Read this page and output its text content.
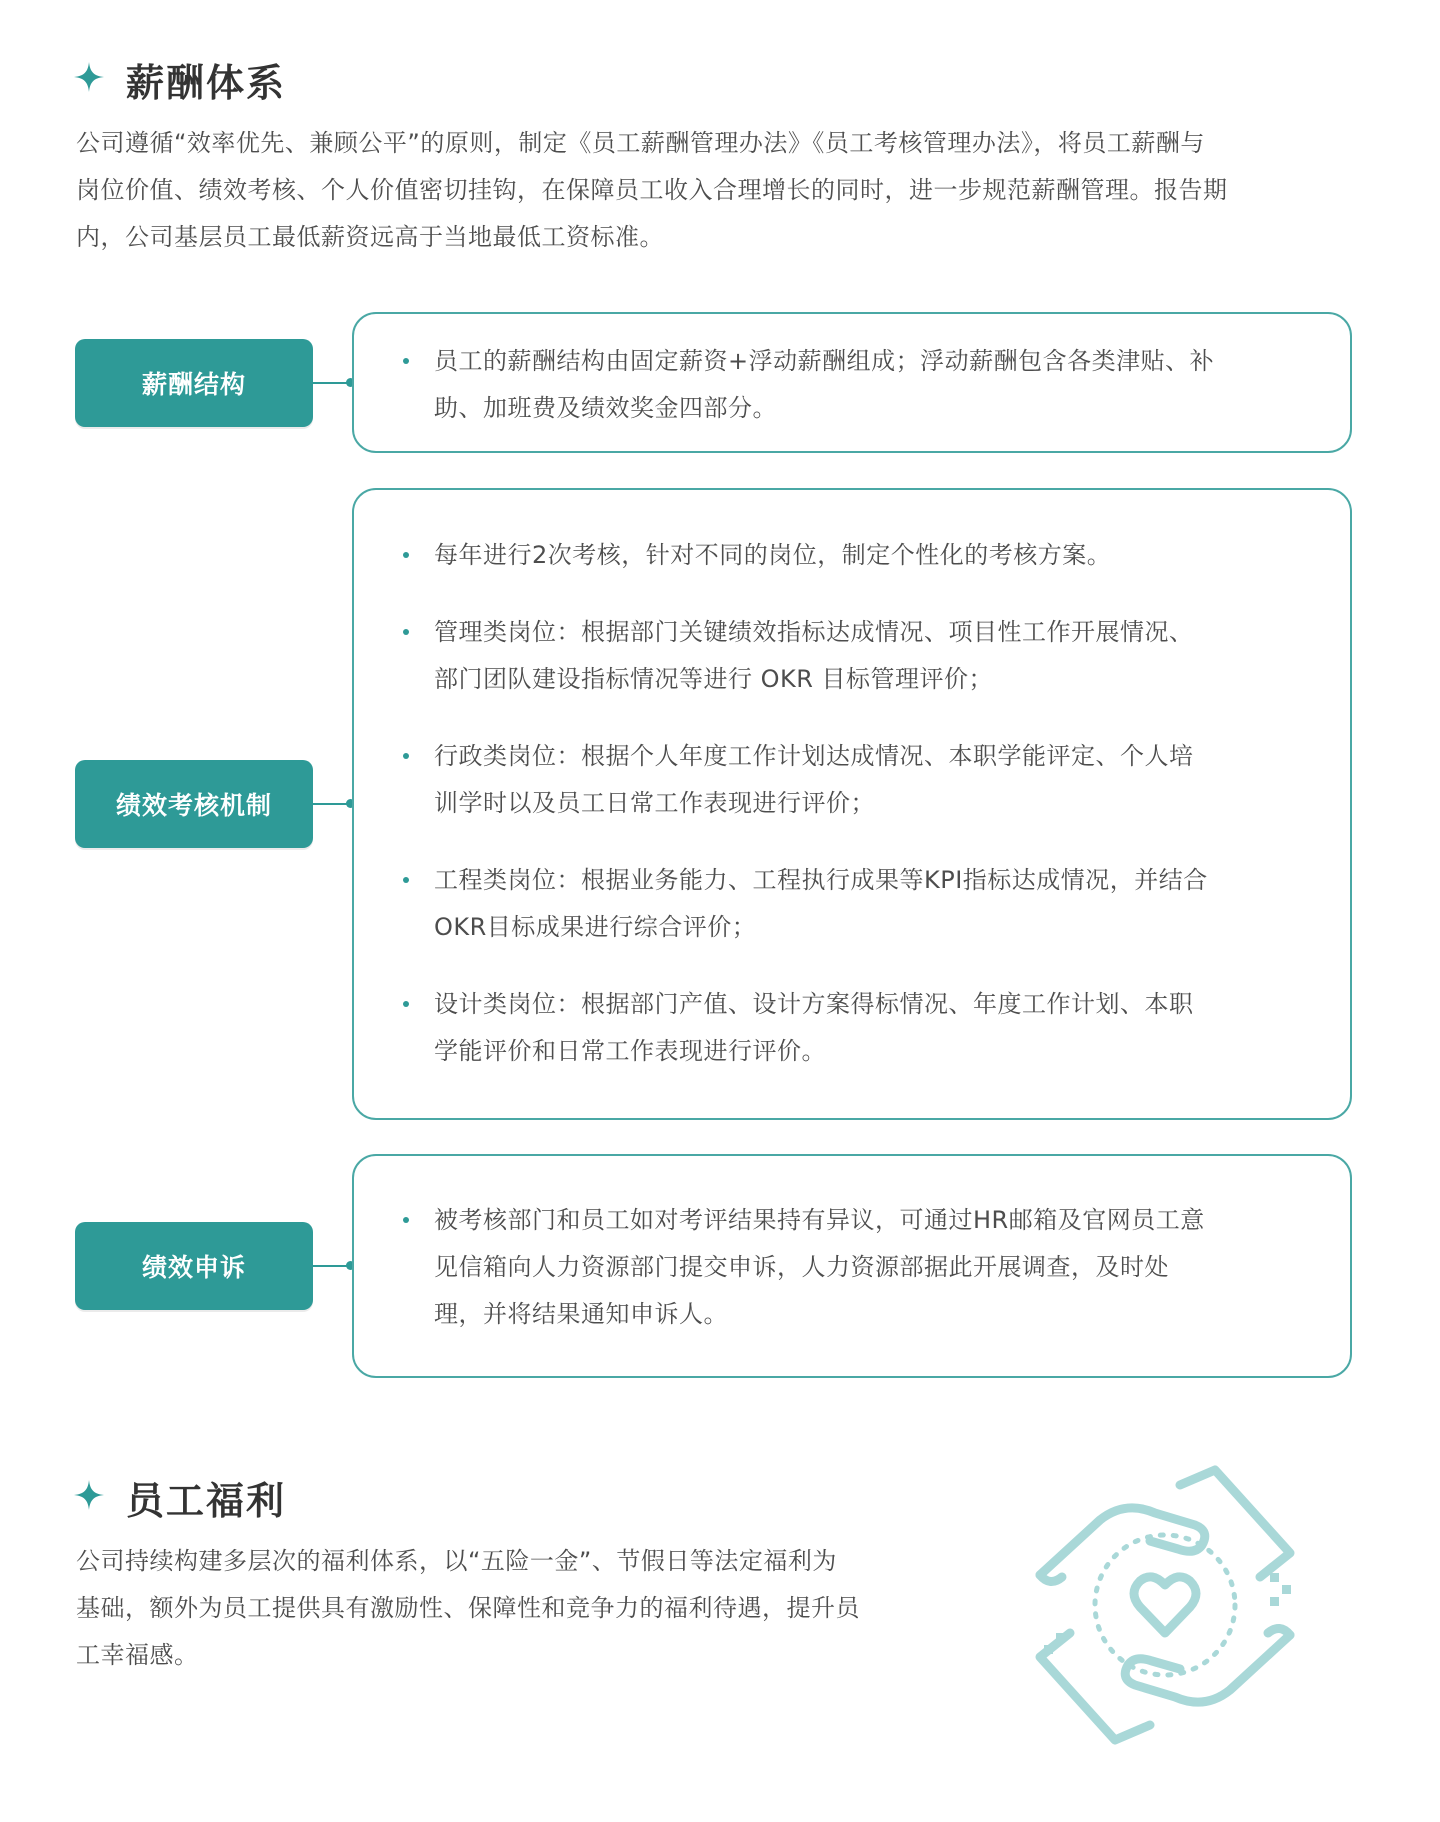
薪酬体系
公司遵循“效率优先、兼顾公平”的原则，制定《员工薪酬管理办法》《员工考核管理办法》，将员工薪酬与
岗位价值、绩效考核、个人价值密切挂钩，在保障员工收入合理增长的同时，进一步规范薪酬管理。报告期
内，公司基层员工最低薪资远高于当地最低工资标准。
薪酬结构
员工的薪酬结构由固定薪资+浮动薪酬组成；浮动薪酬包含各类津贴、补
助、加班费及绩效奖金四部分。
绩效考核机制
每年进行2次考核，针对不同的岗位，制定个性化的考核方案。
管理类岗位：根据部门关键绩效指标达成情况、项目性工作开展情况、
部门团队建设指标情况等进行 OKR 目标管理评价；
行政类岗位：根据个人年度工作计划达成情况、本职学能评定、个人培
训学时以及员工日常工作表现进行评价；
工程类岗位：根据业务能力、工程执行成果等KPI指标达成情况，并结合
OKR目标成果进行综合评价；
设计类岗位：根据部门产值、设计方案得标情况、年度工作计划、本职
学能评价和日常工作表现进行评价。
绩效申诉
被考核部门和员工如对考评结果持有异议，可通过HR邮箱及官网员工意
见信箱向人力资源部门提交申诉，人力资源部据此开展调查，及时处
理，并将结果通知申诉人。
员工福利
公司持续构建多层次的福利体系，以“五险一金”、节假日等法定福利为
基础，额外为员工提供具有激励性、保障性和竞争力的福利待遇，提升员
工幸福感。
